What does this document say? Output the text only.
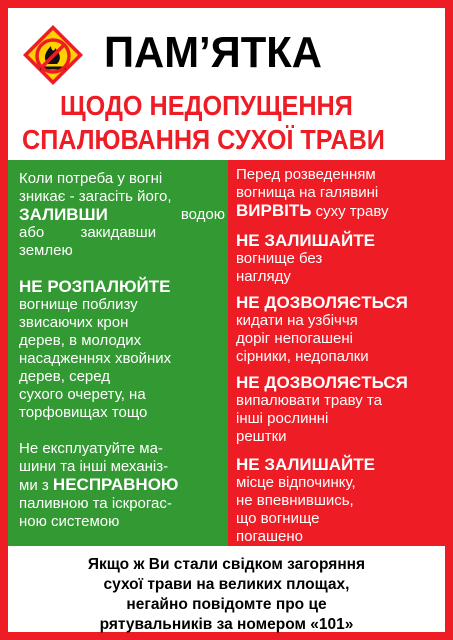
ПАМ’ЯТКА
ЩОДО НЕДОПУЩЕННЯ
СПАЛЮВАННЯ СУХОЇ ТРАВИ
Коли потреба у вогні
зникає - загасіть його,
ЗАЛИВШИ	водою
або закидавши
землею
НЕ РОЗПАЛЮЙТЕ
вогнище поблизу
звисаючих крон
дерев, в молодих
насадженнях хвойних
дерев, серед
сухого очерету, на
торфовищах тощо
Не експлуатуйте ма-
шини та інші механіз-
ми з НЕСПРАВНОЮ
паливною та іскрогас-
ною системою
Перед розведенням
вогнища на галявині
ВИРВІТЬ суху траву
НЕ ЗАЛИШАЙТЕ
вогнище без
нагляду
НЕ ДОЗВОЛЯЄТЬСЯ
кидати на узбіччя
доріг непогашені
сірники, недопалки
НЕ ДОЗВОЛЯЄТЬСЯ
випалювати траву та
інші рослинні
рештки
НЕ ЗАЛИШАЙТЕ
місце відпочинку,
не впевнившись,
що вогнище
погашено
Якщо ж Ви стали свідком загоряння
сухої трави на великих площах,
негайно повідомте про це
рятувальників за номером «101»
